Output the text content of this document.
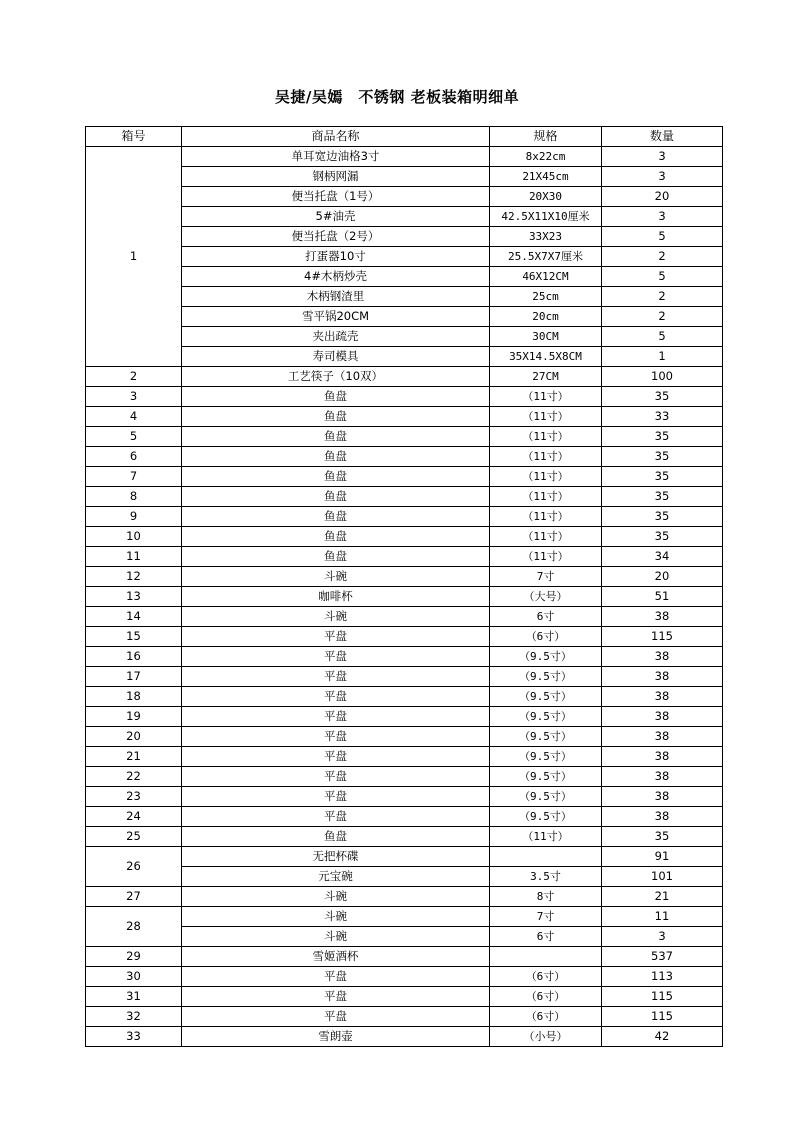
吴捷/吴嫣　不锈钢 老板装箱明细单
箱号	商品名称	规格	数量
1	单耳宽边油格3寸	8x22cm	3
	钢柄网漏	21X45cm	3
	便当托盘（1号）	20X30	20
	5#油壳	42.5X11X10厘米	3
	便当托盘（2号）	33X23	5
	打蛋器10寸	25.5X7X7厘米	2
	4#木柄炒壳	46X12CM	5
	木柄钢渣里	25cm	2
	雪平锅20CM	20cm	2
	夹出疏壳	30CM	5
	寿司模具	35X14.5X8CM	1
2	工艺筷子（10双）	27CM	100
3	鱼盘	（11寸）	35
4	鱼盘	（11寸）	33
5	鱼盘	（11寸）	35
6	鱼盘	（11寸）	35
7	鱼盘	（11寸）	35
8	鱼盘	（11寸）	35
9	鱼盘	（11寸）	35
10	鱼盘	（11寸）	35
11	鱼盘	（11寸）	34
12	斗碗	7寸	20
13	咖啡杯	（大号）	51
14	斗碗	6寸	38
15	平盘	（6寸）	115
16	平盘	（9.5寸）	38
17	平盘	（9.5寸）	38
18	平盘	（9.5寸）	38
19	平盘	（9.5寸）	38
20	平盘	（9.5寸）	38
21	平盘	（9.5寸）	38
22	平盘	（9.5寸）	38
23	平盘	（9.5寸）	38
24	平盘	（9.5寸）	38
25	鱼盘	（11寸）	35
26	无把杯碟		91
	元宝碗	3.5寸	101
27	斗碗	8寸	21
28	斗碗	7寸	11
	斗碗	6寸	3
29	雪姬酒杯		537
30	平盘	（6寸）	113
31	平盘	（6寸）	115
32	平盘	（6寸）	115
33	雪朗壶	（小号）	42
